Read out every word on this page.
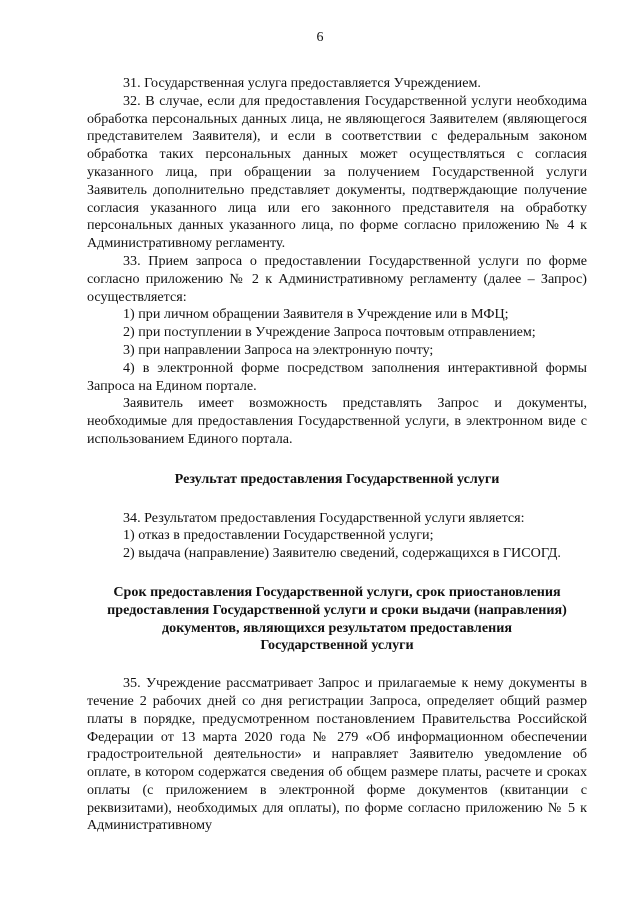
6

31. Государственная услуга предоставляется Учреждением.

32. В случае, если для предоставления Государственной услуги необходима обработка персональных данных лица, не являющегося Заявителем (являющегося представителем Заявителя), и если в соответствии с федеральным законом обработка таких персональных данных может осуществляться с согласия указанного лица, при обращении за получением Государственной услуги Заявитель дополнительно представляет документы, подтверждающие получение согласия указанного лица или его законного представителя на обработку персональных данных указанного лица, по форме согласно приложению № 4 к Административному регламенту.

33. Прием запроса о предоставлении Государственной услуги по форме согласно приложению № 2 к Административному регламенту (далее – Запрос) осуществляется:

1) при личном обращении Заявителя в Учреждение или в МФЦ;

2) при поступлении в Учреждение Запроса почтовым отправлением;

3) при направлении Запроса на электронную почту;

4) в электронной форме посредством заполнения интерактивной формы Запроса на Едином портале.

Заявитель имеет возможность представлять Запрос и документы, необходимые для предоставления Государственной услуги, в электронном виде с использованием Единого портала.

Результат предоставления Государственной услуги

34. Результатом предоставления Государственной услуги является:

1) отказ в предоставлении Государственной услуги;

2) выдача (направление) Заявителю сведений, содержащихся в ГИСОГД.

Срок предоставления Государственной услуги, срок приостановления

предоставления Государственной услуги и сроки выдачи (направления)

документов, являющихся результатом предоставления

Государственной услуги

35. Учреждение рассматривает Запрос и прилагаемые к нему документы в течение 2 рабочих дней со дня регистрации Запроса, определяет общий размер платы в порядке, предусмотренном постановлением Правительства Российской Федерации от 13 марта 2020 года № 279 «Об информационном обеспечении градостроительной деятельности» и направляет Заявителю уведомление об оплате, в котором содержатся сведения об общем размере платы, расчете и сроках оплаты (с приложением в электронной форме документов (квитанции с реквизитами), необходимых для оплаты), по форме согласно приложению № 5 к Административному
